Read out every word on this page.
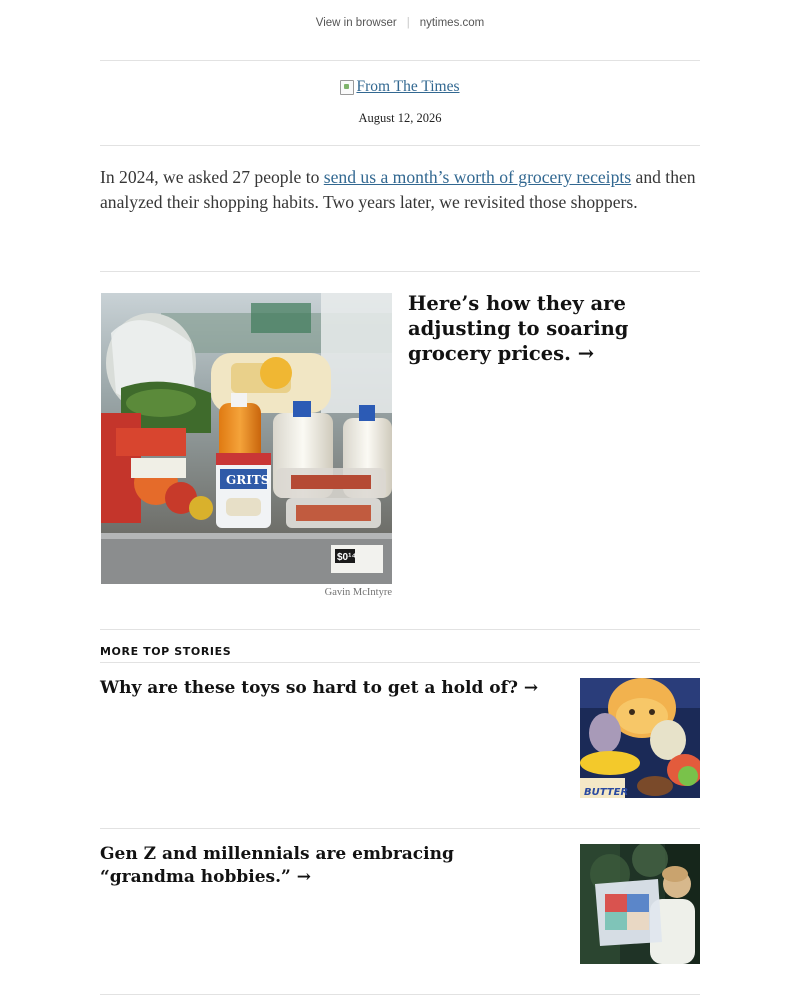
View in browser | nytimes.com
From The Times
August 12, 2026

In 2024, we asked 27 people to send us a month’s worth of grocery receipts and then analyzed their shopping habits. Two years later, we revisited those shoppers.

$0¹⁴
GRITS
Gavin McIntyre
Here’s how they are adjusting to soaring grocery prices. →
MORE TOP STORIES
Why are these toys so hard to get a hold of? →
BUTTER
Gen Z and millennials are embracing “grandma hobbies.” →
